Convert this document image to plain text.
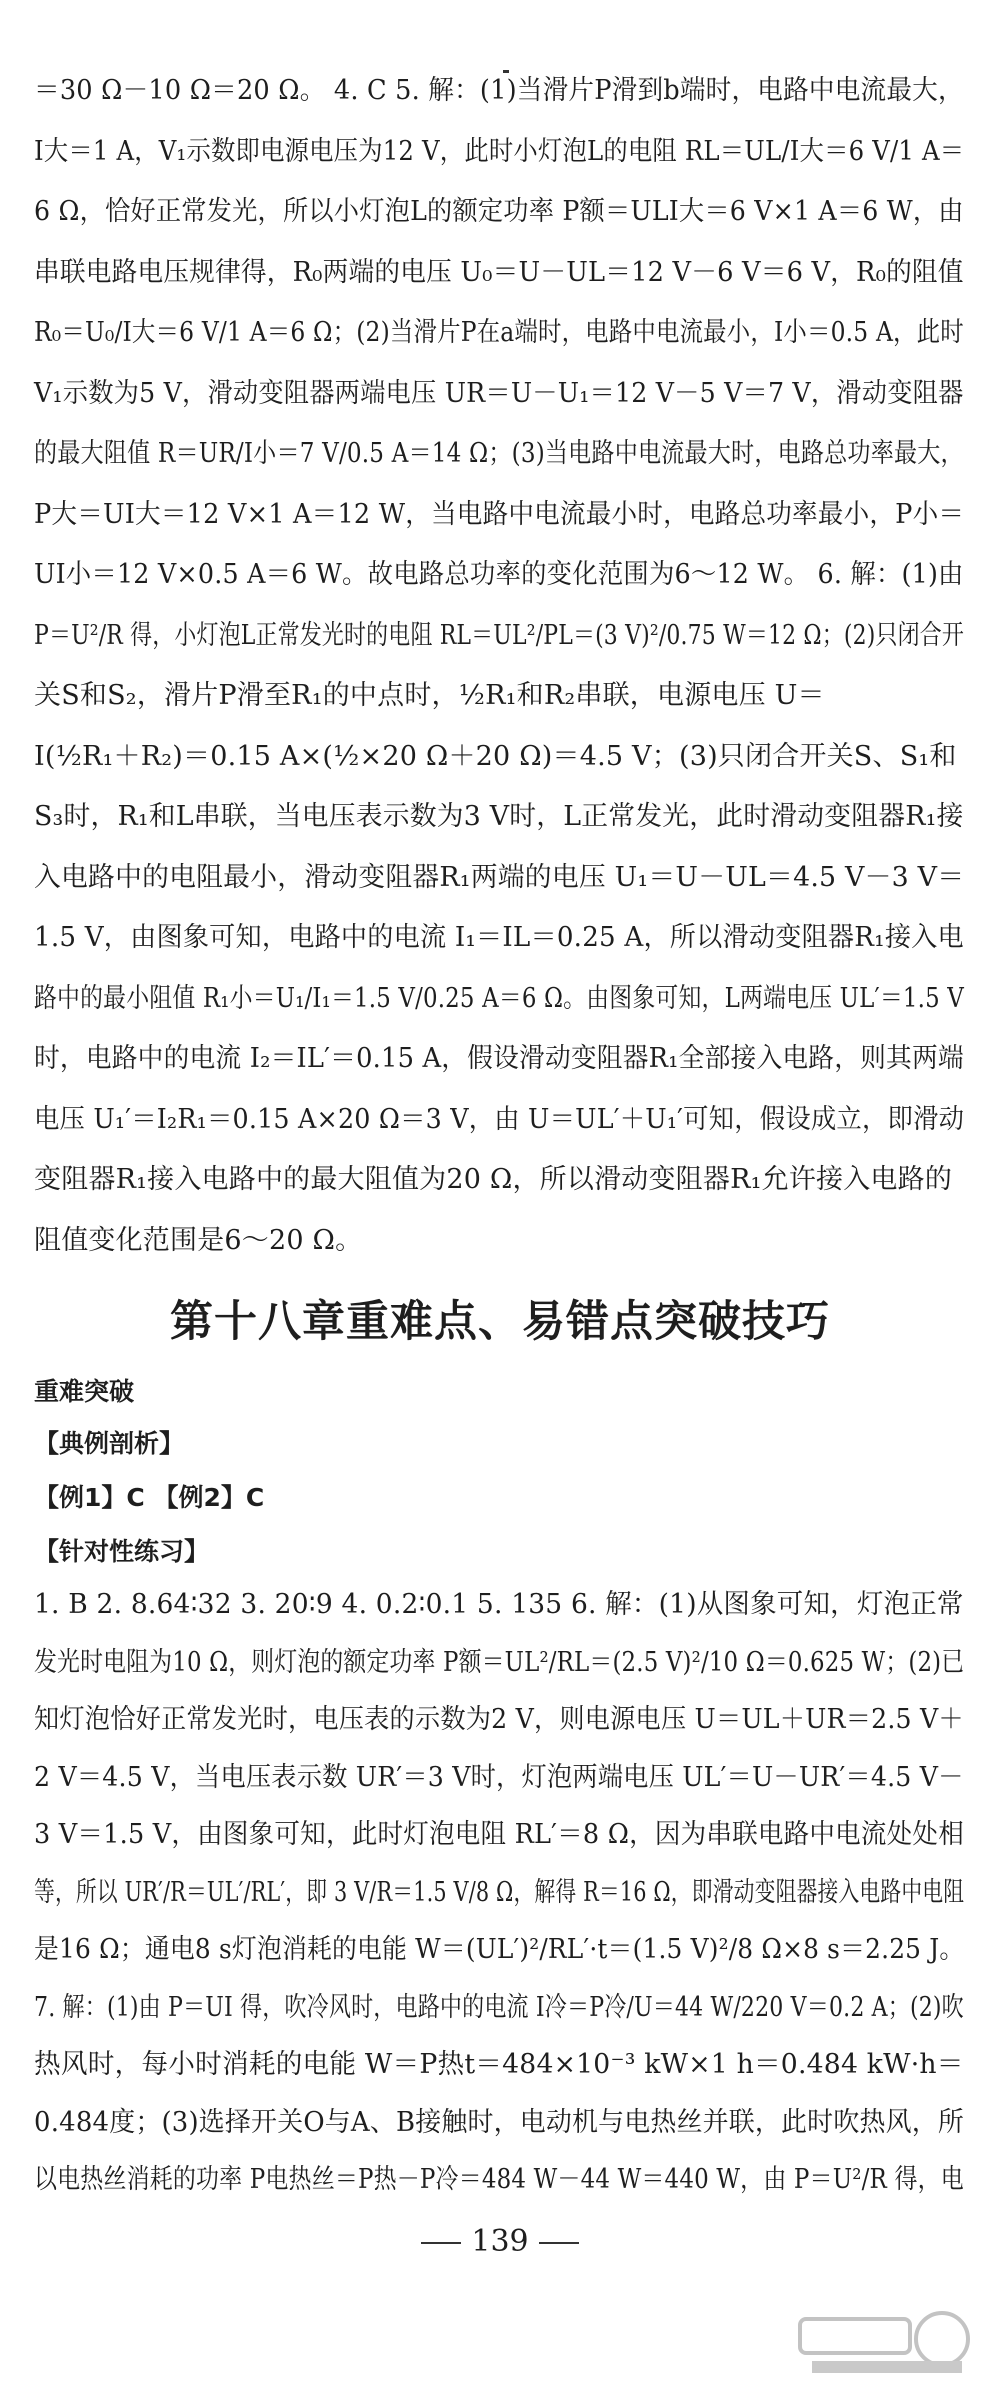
＝30 Ω－10 Ω＝20 Ω。 4. C 5. 解：(1)当滑片P滑到b端时，电路中电流最大，
I大＝1 A，V₁示数即电源电压为12 V，此时小灯泡L的电阻 RL＝UL/I大＝6 V/1 A＝
6 Ω，恰好正常发光，所以小灯泡L的额定功率 P额＝ULI大＝6 V×1 A＝6 W，由
串联电路电压规律得，R₀两端的电压 U₀＝U－UL＝12 V－6 V＝6 V，R₀的阻值
R₀＝U₀/I大＝6 V/1 A＝6 Ω；(2)当滑片P在a端时，电路中电流最小，I小＝0.5 A，此时
V₁示数为5 V，滑动变阻器两端电压 UR＝U－U₁＝12 V－5 V＝7 V，滑动变阻器
的最大阻值 R＝UR/I小＝7 V/0.5 A＝14 Ω；(3)当电路中电流最大时，电路总功率最大，
P大＝UI大＝12 V×1 A＝12 W，当电路中电流最小时，电路总功率最小，P小＝
UI小＝12 V×0.5 A＝6 W。故电路总功率的变化范围为6～12 W。 6. 解：(1)由
P＝U²/R 得，小灯泡L正常发光时的电阻 RL＝UL²/PL＝(3 V)²/0.75 W＝12 Ω；(2)只闭合开
关S和S₂，滑片P滑至R₁的中点时，½R₁和R₂串联，电源电压 U＝
I(½R₁＋R₂)＝0.15 A×(½×20 Ω＋20 Ω)＝4.5 V；(3)只闭合开关S、S₁和
S₃时，R₁和L串联，当电压表示数为3 V时，L正常发光，此时滑动变阻器R₁接
入电路中的电阻最小，滑动变阻器R₁两端的电压 U₁＝U－UL＝4.5 V－3 V＝
1.5 V，由图象可知，电路中的电流 I₁＝IL＝0.25 A，所以滑动变阻器R₁接入电
路中的最小阻值 R₁小＝U₁/I₁＝1.5 V/0.25 A＝6 Ω。由图象可知，L两端电压 UL′＝1.5 V
时，电路中的电流 I₂＝IL′＝0.15 A，假设滑动变阻器R₁全部接入电路，则其两端
电压 U₁′＝I₂R₁＝0.15 A×20 Ω＝3 V，由 U＝UL′＋U₁′可知，假设成立，即滑动
变阻器R₁接入电路中的最大阻值为20 Ω，所以滑动变阻器R₁允许接入电路的
阻值变化范围是6～20 Ω。
第十八章重难点、易错点突破技巧
重难突破
【典例剖析】
【例1】C 【例2】C
【针对性练习】
1. B 2. 8.64∶32 3. 20∶9 4. 0.2∶0.1 5. 135 6. 解：(1)从图象可知，灯泡正常
发光时电阻为10 Ω，则灯泡的额定功率 P额＝UL²/RL＝(2.5 V)²/10 Ω＝0.625 W；(2)已
知灯泡恰好正常发光时，电压表的示数为2 V，则电源电压 U＝UL＋UR＝2.5 V＋
2 V＝4.5 V，当电压表示数 UR′＝3 V时，灯泡两端电压 UL′＝U－UR′＝4.5 V－
3 V＝1.5 V，由图象可知，此时灯泡电阻 RL′＝8 Ω，因为串联电路中电流处处相
等，所以 UR′/R＝UL′/RL′，即 3 V/R＝1.5 V/8 Ω，解得 R＝16 Ω，即滑动变阻器接入电路中电阻
是16 Ω；通电8 s灯泡消耗的电能 W＝(UL′)²/RL′·t＝(1.5 V)²/8 Ω×8 s＝2.25 J。
7. 解：(1)由 P＝UI 得，吹冷风时，电路中的电流 I冷＝P冷/U＝44 W/220 V＝0.2 A；(2)吹
热风时，每小时消耗的电能 W＝P热t＝484×10⁻³ kW×1 h＝0.484 kW·h＝
0.484度；(3)选择开关O与A、B接触时，电动机与电热丝并联，此时吹热风，所
以电热丝消耗的功率 P电热丝＝P热－P冷＝484 W－44 W＝440 W，由 P＝U²/R 得，电
139
